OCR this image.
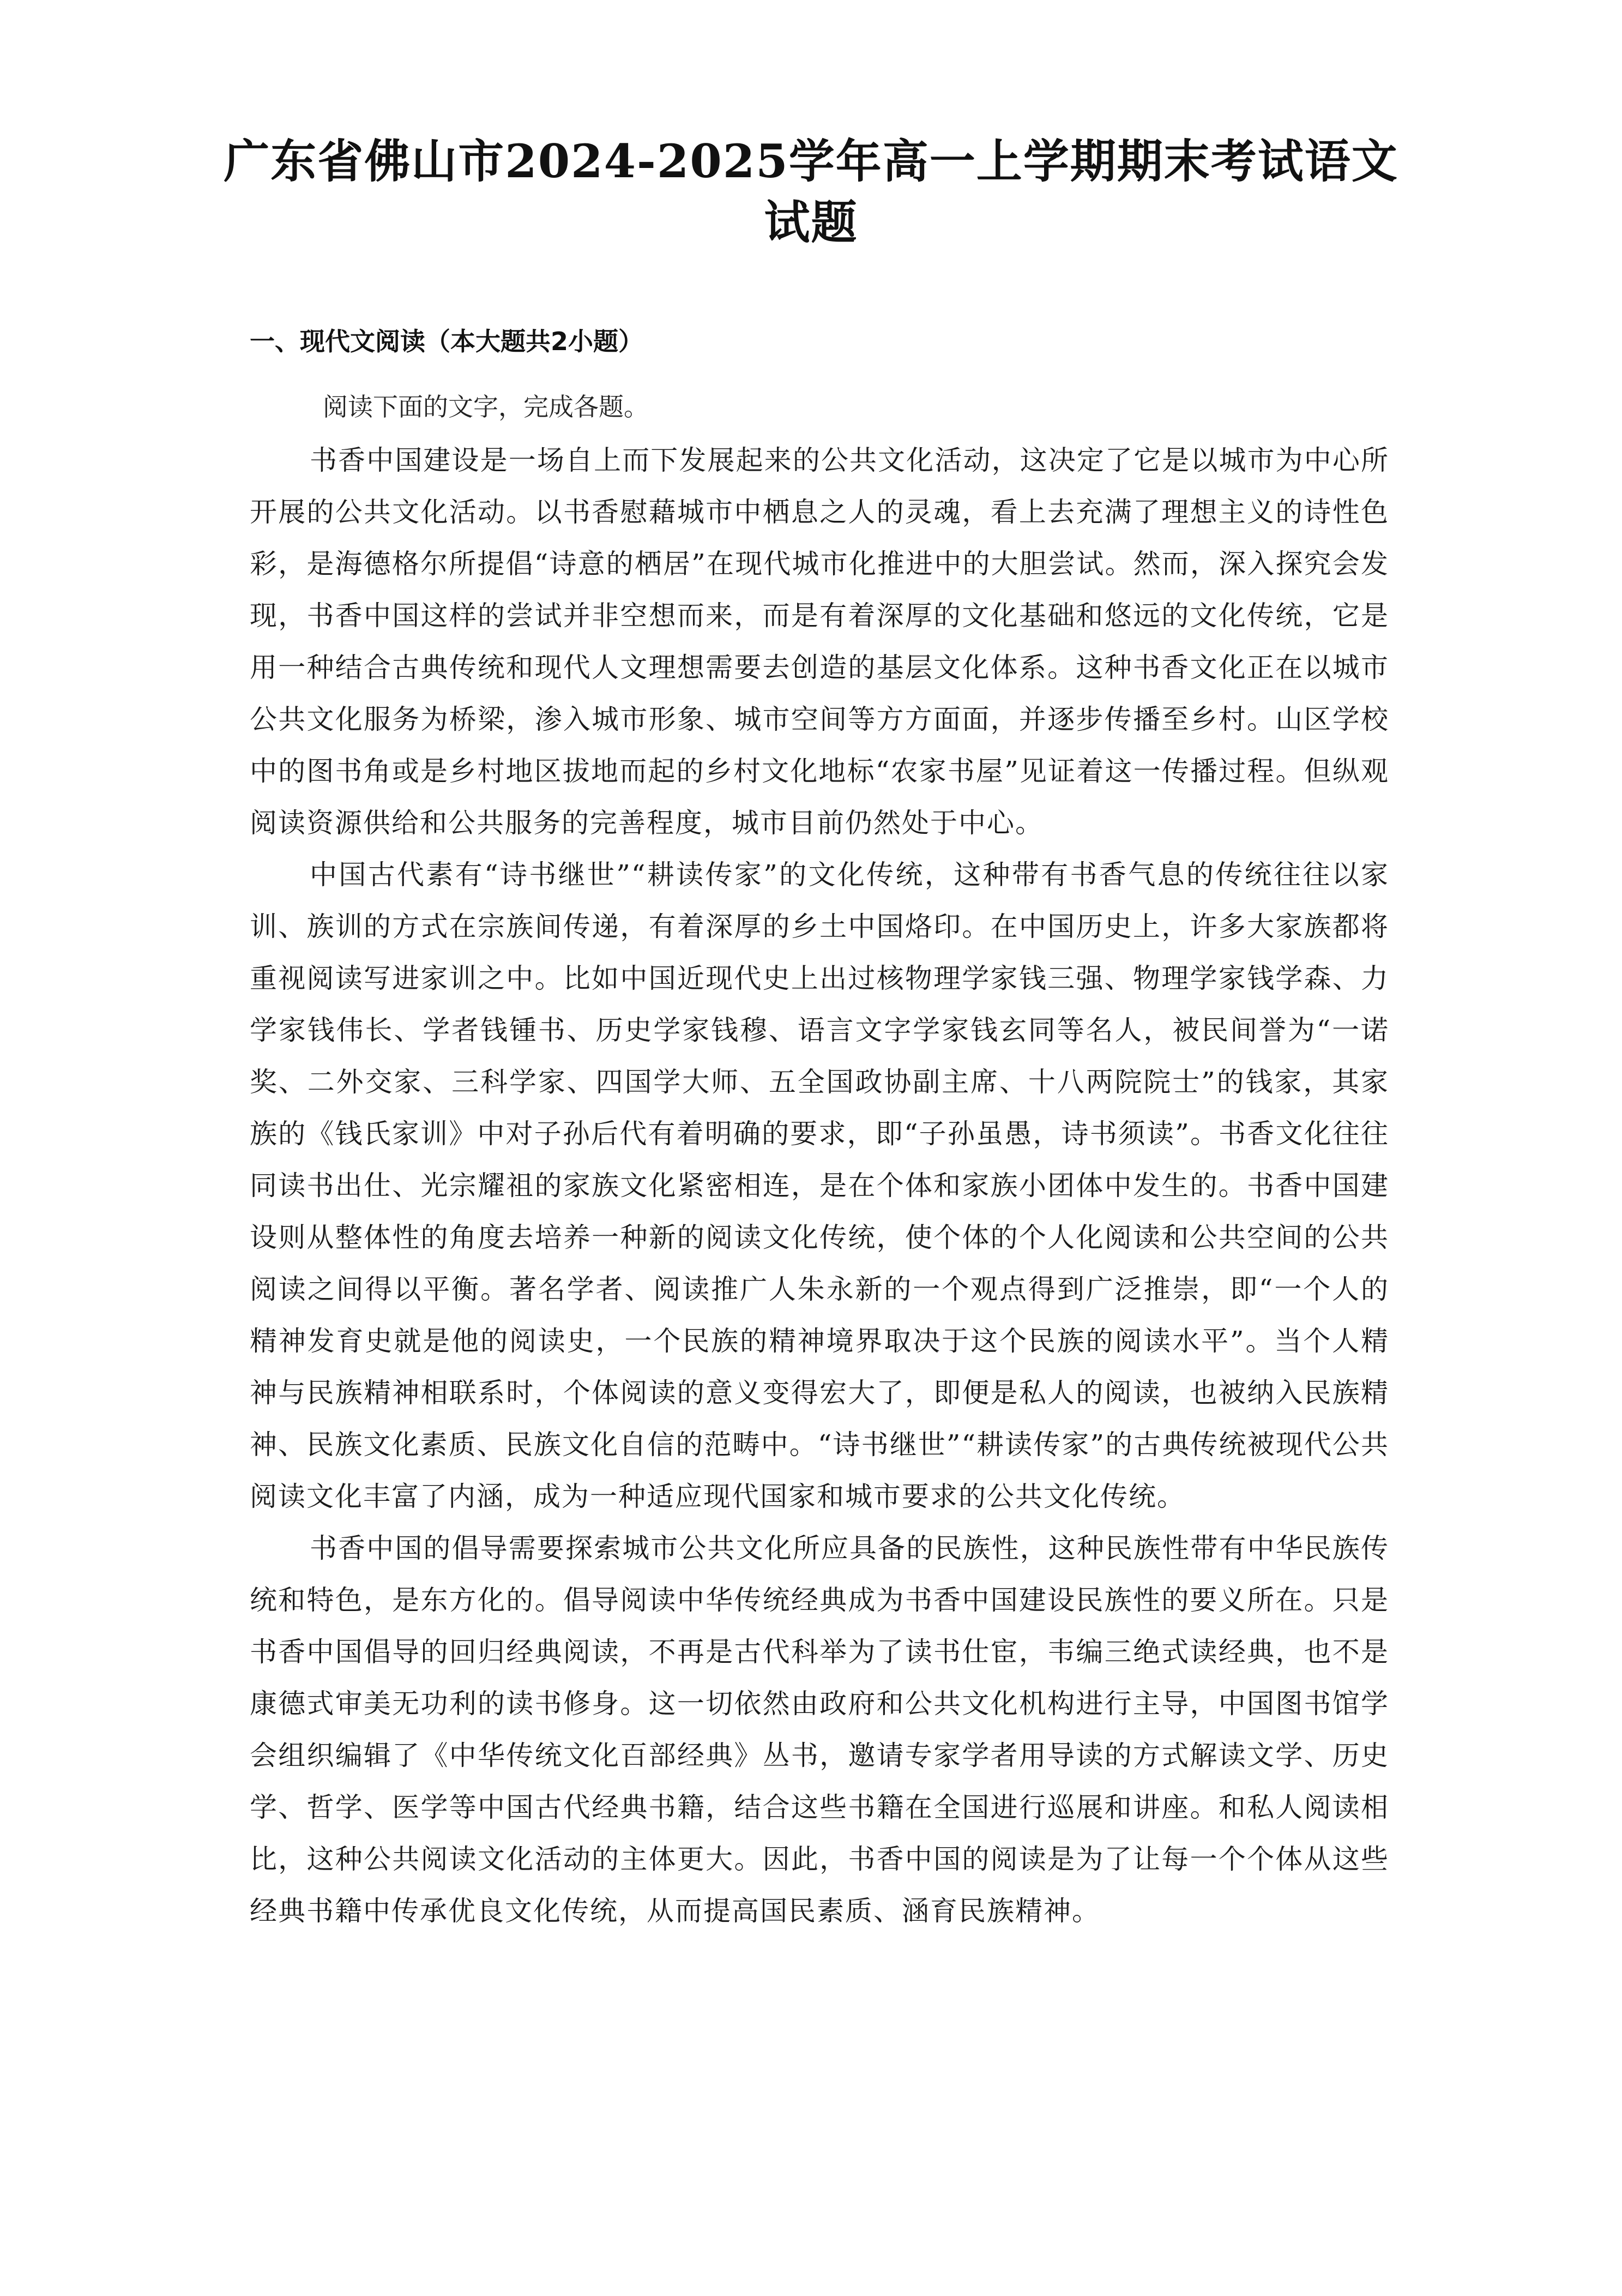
广东省佛山市2024-2025学年高一上学期期末考试语文试题
一、现代文阅读（本大题共2小题）
阅读下面的文字，完成各题。

书香中国建设是一场自上而下发展起来的公共文化活动，这决定了它是以城市为中心所开展的公共文化活动。以书香慰藉城市中栖息之人的灵魂，看上去充满了理想主义的诗性色彩，是海德格尔所提倡“诗意的栖居”在现代城市化推进中的大胆尝试。然而，深入探究会发现，书香中国这样的尝试并非空想而来，而是有着深厚的文化基础和悠远的文化传统，它是用一种结合古典传统和现代人文理想需要去创造的基层文化体系。这种书香文化正在以城市公共文化服务为桥梁，渗入城市形象、城市空间等方方面面，并逐步传播至乡村。山区学校中的图书角或是乡村地区拔地而起的乡村文化地标“农家书屋”见证着这一传播过程。但纵观阅读资源供给和公共服务的完善程度，城市目前仍然处于中心。

中国古代素有“诗书继世”“耕读传家”的文化传统，这种带有书香气息的传统往往以家训、族训的方式在宗族间传递，有着深厚的乡土中国烙印。在中国历史上，许多大家族都将重视阅读写进家训之中。比如中国近现代史上出过核物理学家钱三强、物理学家钱学森、力学家钱伟长、学者钱锺书、历史学家钱穆、语言文字学家钱玄同等名人，被民间誉为“一诺奖、二外交家、三科学家、四国学大师、五全国政协副主席、十八两院院士”的钱家，其家族的《钱氏家训》中对子孙后代有着明确的要求，即“子孙虽愚，诗书须读”。书香文化往往同读书出仕、光宗耀祖的家族文化紧密相连，是在个体和家族小团体中发生的。书香中国建设则从整体性的角度去培养一种新的阅读文化传统，使个体的个人化阅读和公共空间的公共阅读之间得以平衡。著名学者、阅读推广人朱永新的一个观点得到广泛推崇，即“一个人的精神发育史就是他的阅读史，一个民族的精神境界取决于这个民族的阅读水平”。当个人精神与民族精神相联系时，个体阅读的意义变得宏大了，即便是私人的阅读，也被纳入民族精神、民族文化素质、民族文化自信的范畴中。“诗书继世”“耕读传家”的古典传统被现代公共阅读文化丰富了内涵，成为一种适应现代国家和城市要求的公共文化传统。

书香中国的倡导需要探索城市公共文化所应具备的民族性，这种民族性带有中华民族传统和特色，是东方化的。倡导阅读中华传统经典成为书香中国建设民族性的要义所在。只是书香中国倡导的回归经典阅读，不再是古代科举为了读书仕宦，韦编三绝式读经典，也不是康德式审美无功利的读书修身。这一切依然由政府和公共文化机构进行主导，中国图书馆学会组织编辑了《中华传统文化百部经典》丛书，邀请专家学者用导读的方式解读文学、历史学、哲学、医学等中国古代经典书籍，结合这些书籍在全国进行巡展和讲座。和私人阅读相比，这种公共阅读文化活动的主体更大。因此，书香中国的阅读是为了让每一个个体从这些经典书籍中传承优良文化传统，从而提高国民素质、涵育民族精神。
